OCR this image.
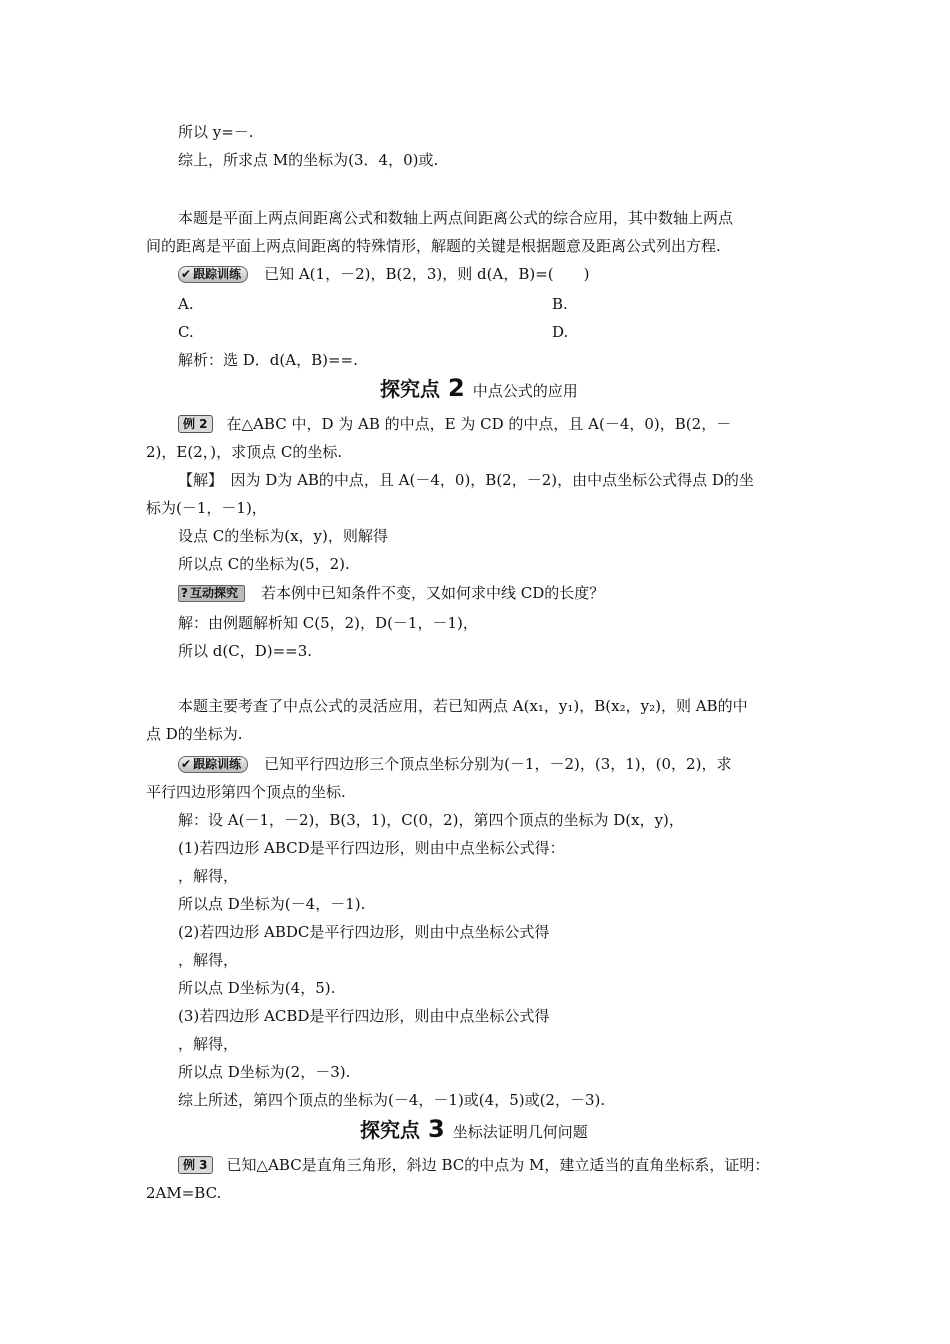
所以 y=－.
综上，所求点 M的坐标为(3．4，0)或.
本题是平面上两点间距离公式和数轴上两点间距离公式的综合应用，其中数轴上两点
间的距离是平面上两点间距离的特殊情形，解题的关键是根据题意及距离公式列出方程.
✔ 跟踪训练 已知 A(1，－2)，B(2，3)，则 d(A，B)=(　　)
A.	B.
C.	D.
解析：选 D．d(A，B)==.
探究点 2 中点公式的应用
例 2 在△ABC 中，D 为 AB 的中点，E 为 CD 的中点，且 A(－4，0)，B(2，－
2)，E(2，)，求顶点 C的坐标.
【解】　因为 D为 AB的中点，且 A(－4，0)，B(2，－2)，由中点坐标公式得点 D的坐
标为(－1，－1)，
设点 C的坐标为(x，y)，则解得
所以点 C的坐标为(5，2).
? 互动探究 若本例中已知条件不变，又如何求中线 CD的长度？
解：由例题解析知 C(5，2)，D(－1，－1)，
所以 d(C，D)==3.
本题主要考查了中点公式的灵活应用，若已知两点 A(x₁，y₁)，B(x₂，y₂)，则 AB的中
点 D的坐标为.
✔ 跟踪训练 已知平行四边形三个顶点坐标分别为(－1，－2)，(3，1)，(0，2)，求
平行四边形第四个顶点的坐标.
解：设 A(－1，－2)，B(3，1)，C(0，2)，第四个顶点的坐标为 D(x，y)，
(1)若四边形 ABCD是平行四边形，则由中点坐标公式得：
，解得，
所以点 D坐标为(－4，－1).
(2)若四边形 ABDC是平行四边形，则由中点坐标公式得
，解得，
所以点 D坐标为(4，5).
(3)若四边形 ACBD是平行四边形，则由中点坐标公式得
，解得，
所以点 D坐标为(2，－3).
综上所述，第四个顶点的坐标为(－4，－1)或(4，5)或(2，－3).
探究点 3 坐标法证明几何问题
例 3 已知△ABC是直角三角形，斜边 BC的中点为 M，建立适当的直角坐标系，证明：
2AM=BC.
